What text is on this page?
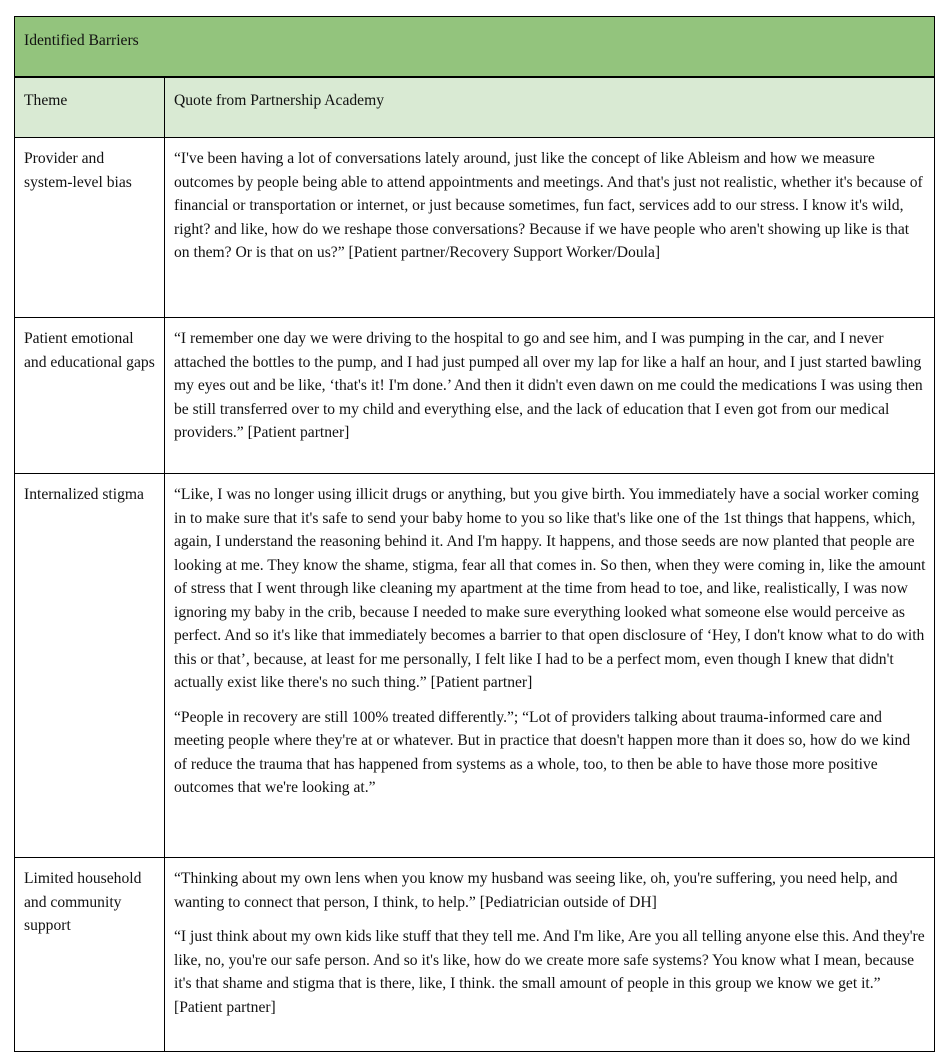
Identified Barriers	
Theme	Quote from Partnership Academy
Provider and system-level bias	“I've been having a lot of conversations lately around, just like the concept of like Ableism and how we measure outcomes by people being able to attend appointments and meetings. And that's just not realistic, whether it's because of financial or transportation or internet, or just because sometimes, fun fact, services add to our stress. I know it's wild, right? and like, how do we reshape those conversations? Because if we have people who aren't showing up like is that on them? Or is that on us?” [Patient partner/Recovery Support Worker/Doula]

Patient emotional and educational gaps	“I remember one day we were driving to the hospital to go and see him, and I was pumping in the car, and I never attached the bottles to the pump, and I had just pumped all over my lap for like a half an hour, and I just started bawling my eyes out and be like, ‘that's it! I'm done.’ And then it didn't even dawn on me could the medications I was using then be still transferred over to my child and everything else, and the lack of education that I even got from our medical providers.” [Patient partner]

Internalized stigma	“Like, I was no longer using illicit drugs or anything, but you give birth. You immediately have a social worker coming in to make sure that it's safe to send your baby home to you so like that's like one of the 1st things that happens, which, again, I understand the reasoning behind it. And I'm happy. It happens, and those seeds are now planted that people are looking at me. They know the shame, stigma, fear all that comes in. So then, when they were coming in, like the amount of stress that I went through like cleaning my apartment at the time from head to toe, and like, realistically, I was now ignoring my baby in the crib, because I needed to make sure everything looked what someone else would perceive as perfect. And so it's like that immediately becomes a barrier to that open disclosure of ‘Hey, I don't know what to do with this or that’, because, at least for me personally, I felt like I had to be a perfect mom, even though I knew that didn't actually exist like there's no such thing.” [Patient partner]

“People in recovery are still 100% treated differently.”; “Lot of providers talking about trauma-informed care and meeting people where they're at or whatever. But in practice that doesn't happen more than it does so, how do we kind of reduce the trauma that has happened from systems as a whole, too, to then be able to have those more positive outcomes that we're looking at.”

Limited household and community support	“Thinking about my own lens when you know my husband was seeing like, oh, you're suffering, you need help, and wanting to connect that person, I think, to help.” [Pediatrician outside of DH]

“I just think about my own kids like stuff that they tell me. And I'm like, Are you all telling anyone else this. And they're like, no, you're our safe person. And so it's like, how do we create more safe systems? You know what I mean, because it's that shame and stigma that is there, like, I think. the small amount of people in this group we know we get it.” [Patient partner]
